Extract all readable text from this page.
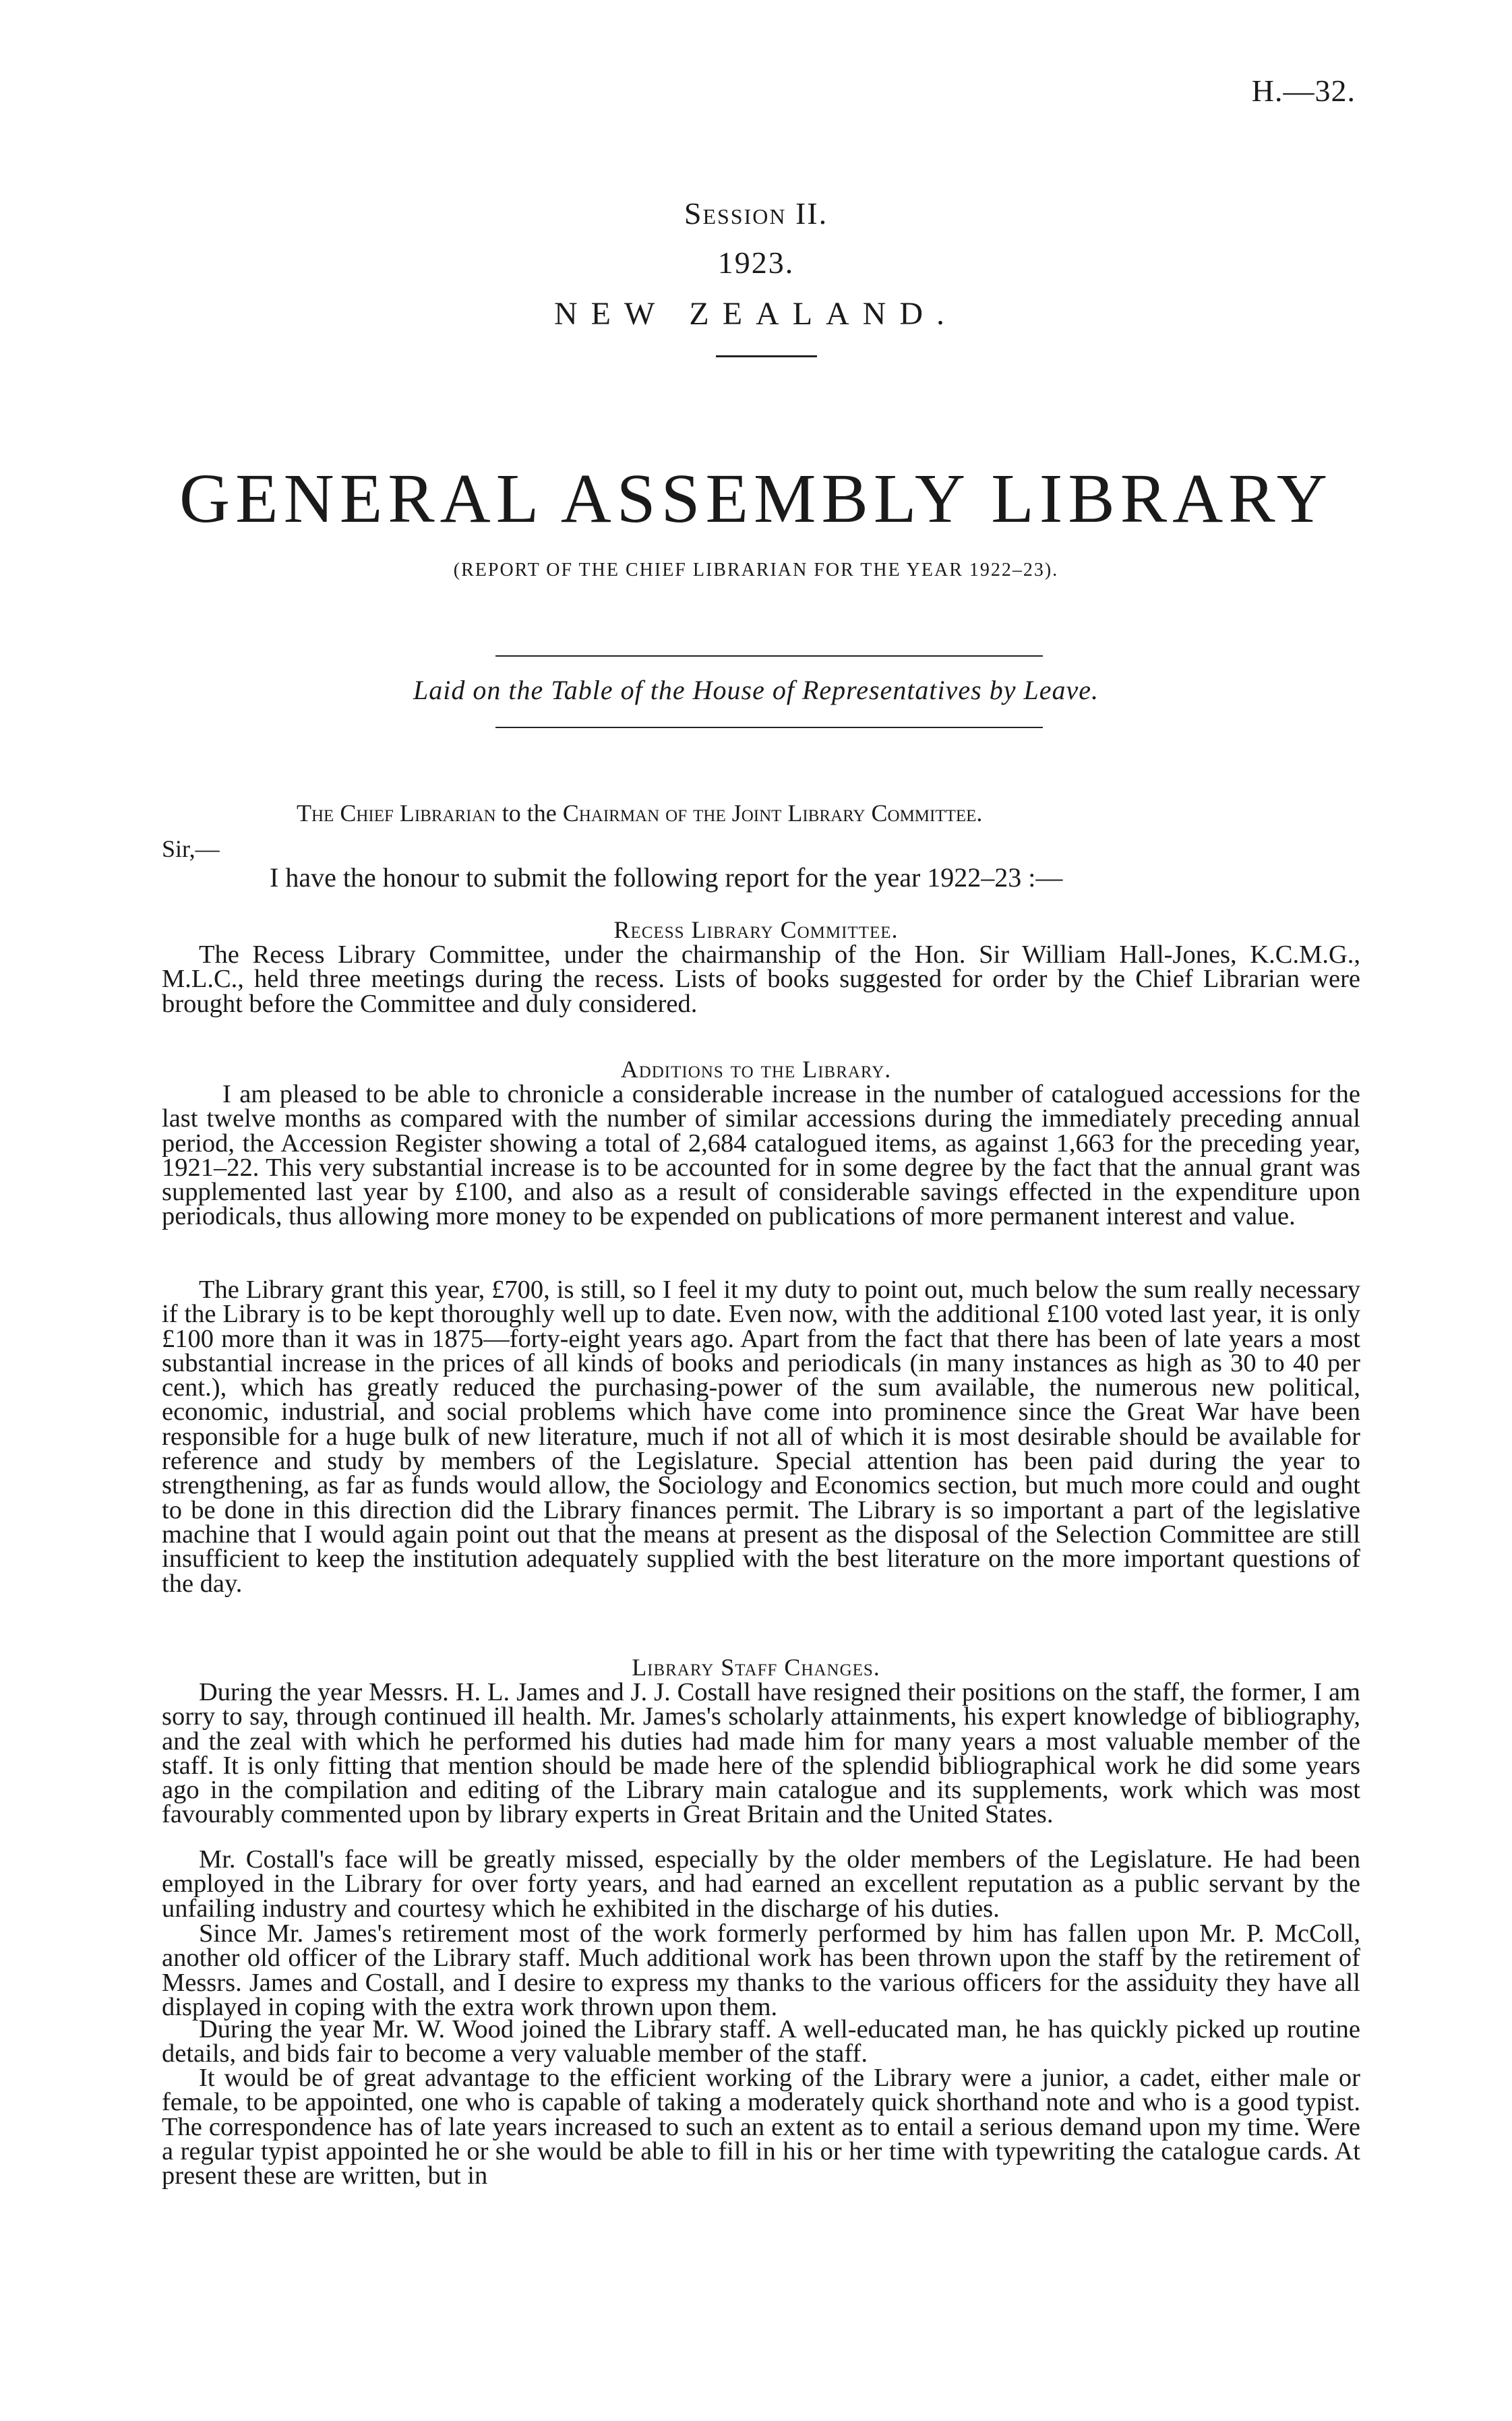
H.—32.
Session II.
1923.
NEW ZEALAND.
GENERAL ASSEMBLY LIBRARY
(REPORT OF THE CHIEF LIBRARIAN FOR THE YEAR 1922–23).
Laid on the Table of the House of Representatives by Leave.
The Chief Librarian to the Chairman of the Joint Library Committee.
Sir,—
I have the honour to submit the following report for the year 1922–23 :—
Recess Library Committee.

The Recess Library Committee, under the chairmanship of the Hon. Sir William Hall-Jones, K.C.M.G., M.L.C., held three meetings during the recess. Lists of books suggested for order by the Chief Librarian were brought before the Committee and duly considered.

Additions to the Library.

I am pleased to be able to chronicle a considerable increase in the number of catalogued accessions for the last twelve months as compared with the number of similar accessions during the immediately preceding annual period, the Accession Register showing a total of 2,684 catalogued items, as against 1,663 for the preceding year, 1921–22. This very substantial increase is to be accounted for in some degree by the fact that the annual grant was supplemented last year by £100, and also as a result of considerable savings effected in the expenditure upon periodicals, thus allowing more money to be expended on publications of more permanent interest and value.

The Library grant this year, £700, is still, so I feel it my duty to point out, much below the sum really necessary if the Library is to be kept thoroughly well up to date. Even now, with the additional £100 voted last year, it is only £100 more than it was in 1875—forty-eight years ago. Apart from the fact that there has been of late years a most substantial increase in the prices of all kinds of books and periodicals (in many instances as high as 30 to 40 per cent.), which has greatly reduced the purchasing-power of the sum available, the numerous new political, economic, industrial, and social problems which have come into prominence since the Great War have been responsible for a huge bulk of new literature, much if not all of which it is most desirable should be available for reference and study by members of the Legislature. Special attention has been paid during the year to strengthening, as far as funds would allow, the Sociology and Economics section, but much more could and ought to be done in this direction did the Library finances permit. The Library is so important a part of the legislative machine that I would again point out that the means at present as the disposal of the Selection Committee are still insufficient to keep the institution adequately supplied with the best literature on the more important questions of the day.

Library Staff Changes.

During the year Messrs. H. L. James and J. J. Costall have resigned their positions on the staff, the former, I am sorry to say, through continued ill health. Mr. James's scholarly attainments, his expert knowledge of bibliography, and the zeal with which he performed his duties had made him for many years a most valuable member of the staff. It is only fitting that mention should be made here of the splendid bibliographical work he did some years ago in the compilation and editing of the Library main catalogue and its supplements, work which was most favourably commented upon by library experts in Great Britain and the United States.

Mr. Costall's face will be greatly missed, especially by the older members of the Legislature. He had been employed in the Library for over forty years, and had earned an excellent reputation as a public servant by the unfailing industry and courtesy which he exhibited in the discharge of his duties.

Since Mr. James's retirement most of the work formerly performed by him has fallen upon Mr. P. McColl, another old officer of the Library staff. Much additional work has been thrown upon the staff by the retirement of Messrs. James and Costall, and I desire to express my thanks to the various officers for the assiduity they have all displayed in coping with the extra work thrown upon them.

During the year Mr. W. Wood joined the Library staff. A well-educated man, he has quickly picked up routine details, and bids fair to become a very valuable member of the staff.

It would be of great advantage to the efficient working of the Library were a junior, a cadet, either male or female, to be appointed, one who is capable of taking a moderately quick shorthand note and who is a good typist. The correspondence has of late years increased to such an extent as to entail a serious demand upon my time. Were a regular typist appointed he or she would be able to fill in his or her time with typewriting the catalogue cards. At present these are written, but in
